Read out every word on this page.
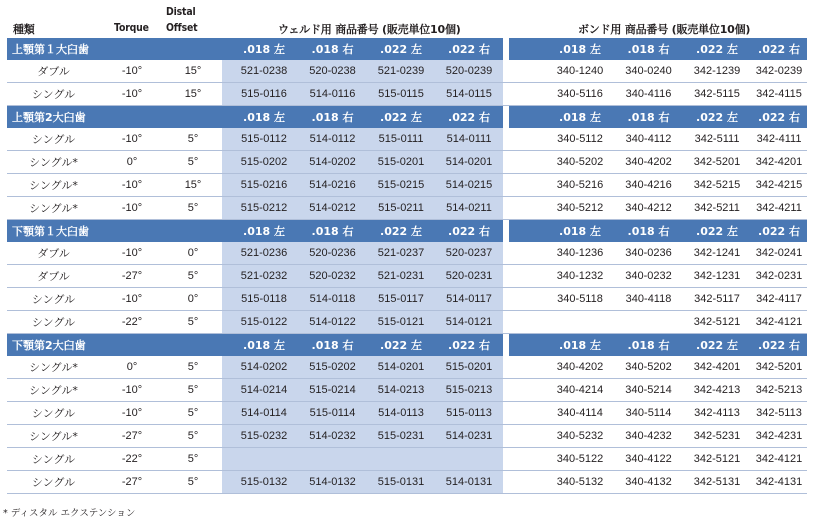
種類	Torque
Distal
Offset	ウェルド用 商品番号 (販売単位10個)	ボンド用 商品番号 (販売単位10個)
上顎第１大臼歯				.018 左	.018 右	.022 左	.022 右			.018 左	.018 右	.022 左	.022 右
ダブル	-10°	15°		521-0238	520-0238	521-0239	520-0239			340-1240	340-0240	342-1239	342-0239
シングル	-10°	15°		515-0116	514-0116	515-0115	514-0115			340-5116	340-4116	342-5115	342-4115
上顎第2大臼歯				.018 左	.018 右	.022 左	.022 右			.018 左	.018 右	.022 左	.022 右
シングル	-10°	5°		515-0112	514-0112	515-0111	514-0111			340-5112	340-4112	342-5111	342-4111
シングル*	0°	5°		515-0202	514-0202	515-0201	514-0201			340-5202	340-4202	342-5201	342-4201
シングル*	-10°	15°		515-0216	514-0216	515-0215	514-0215			340-5216	340-4216	342-5215	342-4215
シングル*	-10°	5°		515-0212	514-0212	515-0211	514-0211			340-5212	340-4212	342-5211	342-4211
下顎第１大臼歯				.018 左	.018 右	.022 左	.022 右			.018 左	.018 右	.022 左	.022 右
ダブル	-10°	0°		521-0236	520-0236	521-0237	520-0237			340-1236	340-0236	342-1241	342-0241
ダブル	-27°	5°		521-0232	520-0232	521-0231	520-0231			340-1232	340-0232	342-1231	342-0231
シングル	-10°	0°		515-0118	514-0118	515-0117	514-0117			340-5118	340-4118	342-5117	342-4117
シングル	-22°	5°		515-0122	514-0122	515-0121	514-0121					342-5121	342-4121
下顎第2大臼歯				.018 左	.018 右	.022 左	.022 右			.018 左	.018 右	.022 左	.022 右
シングル*	0°	5°		514-0202	515-0202	514-0201	515-0201			340-4202	340-5202	342-4201	342-5201
シングル*	-10°	5°		514-0214	515-0214	514-0213	515-0213			340-4214	340-5214	342-4213	342-5213
シングル	-10°	5°		514-0114	515-0114	514-0113	515-0113			340-4114	340-5114	342-4113	342-5113
シングル*	-27°	5°		515-0232	514-0232	515-0231	514-0231			340-5232	340-4232	342-5231	342-4231
シングル	-22°	5°								340-5122	340-4122	342-5121	342-4121
シングル	-27°	5°		515-0132	514-0132	515-0131	514-0131			340-5132	340-4132	342-5131	342-4131
* ディスタル エクステンション
